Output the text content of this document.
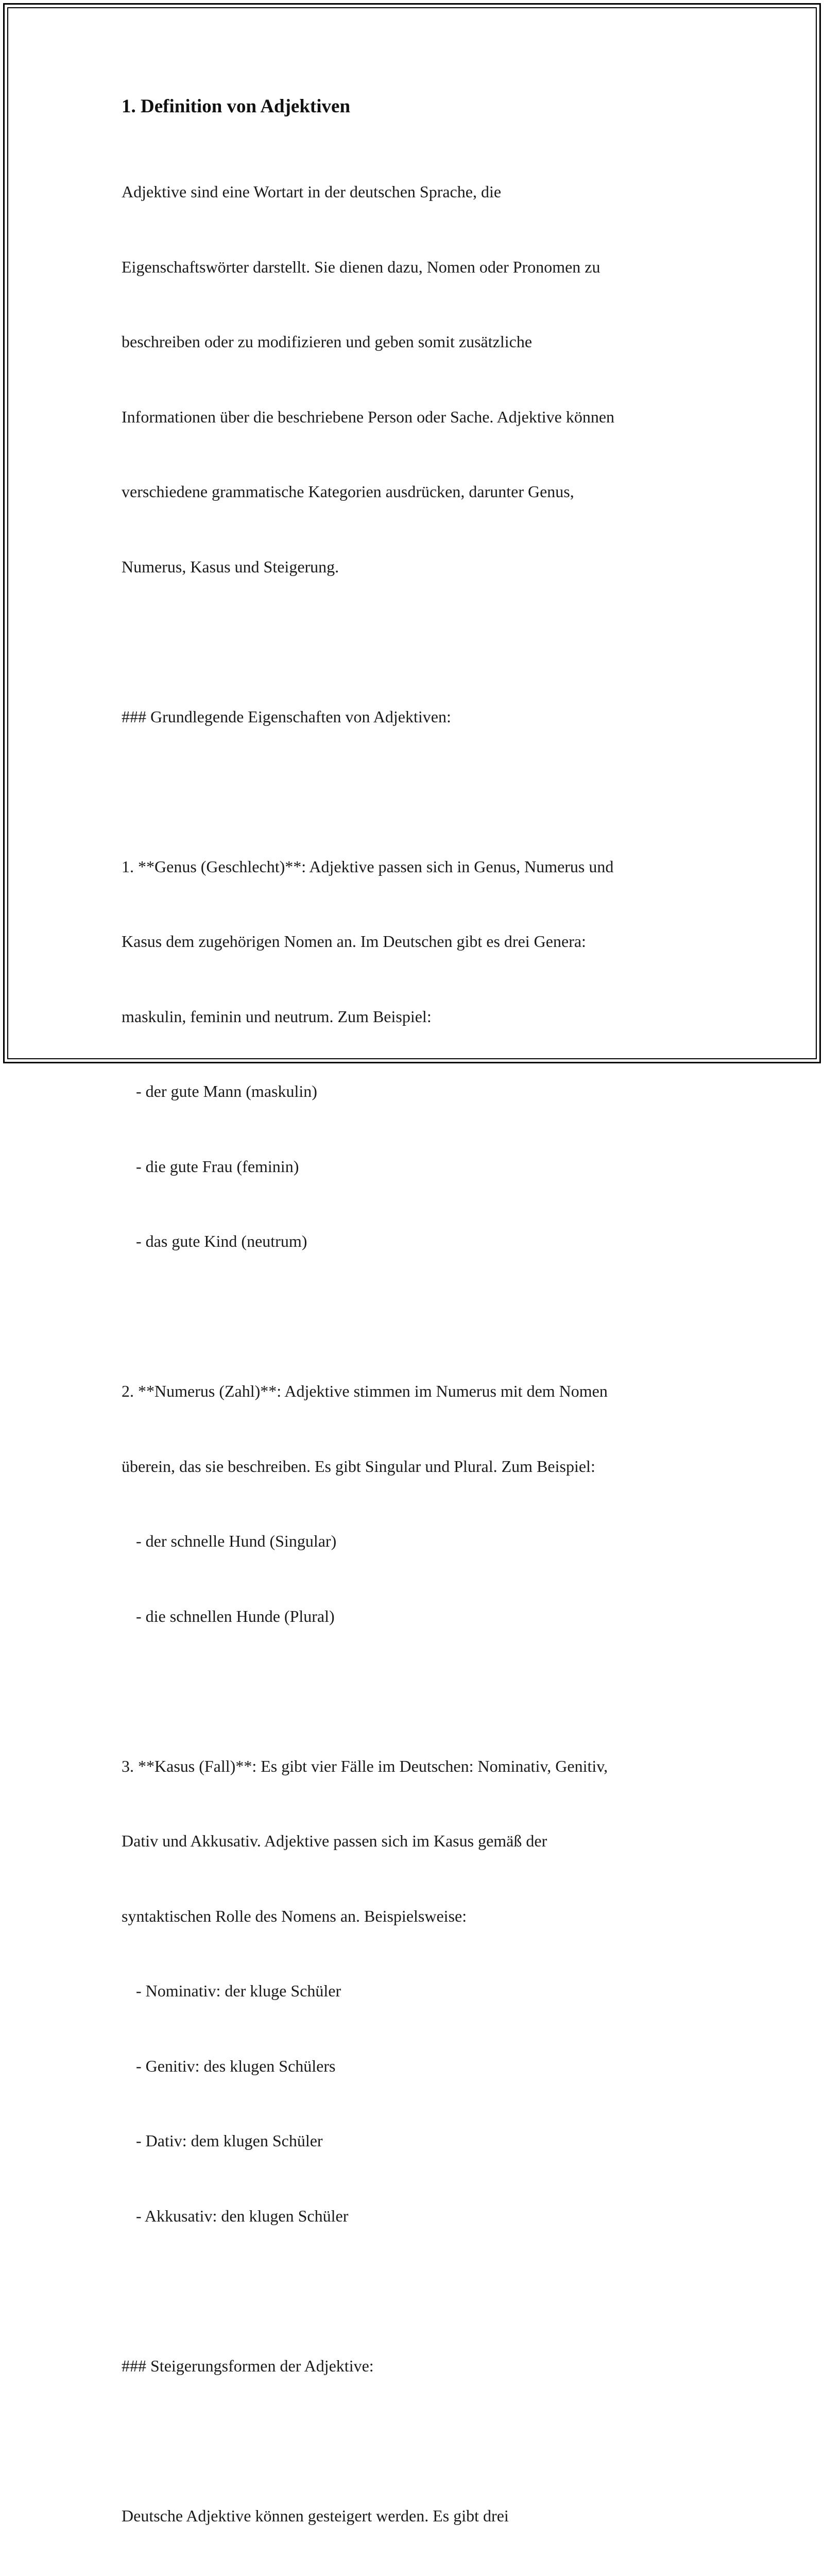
1. Definition von Adjektiven

Adjektive sind eine Wortart in der deutschen Sprache, die

Eigenschaftswörter darstellt. Sie dienen dazu, Nomen oder Pronomen zu

beschreiben oder zu modifizieren und geben somit zusätzliche

Informationen über die beschriebene Person oder Sache. Adjektive können

verschiedene grammatische Kategorien ausdrücken, darunter Genus,

Numerus, Kasus und Steigerung.

### Grundlegende Eigenschaften von Adjektiven:

1. **Genus (Geschlecht)**: Adjektive passen sich in Genus, Numerus und

Kasus dem zugehörigen Nomen an. Im Deutschen gibt es drei Genera:

maskulin, feminin und neutrum. Zum Beispiel:

- der gute Mann (maskulin)

- die gute Frau (feminin)

- das gute Kind (neutrum)

2. **Numerus (Zahl)**: Adjektive stimmen im Numerus mit dem Nomen

überein, das sie beschreiben. Es gibt Singular und Plural. Zum Beispiel:

- der schnelle Hund (Singular)

- die schnellen Hunde (Plural)

3. **Kasus (Fall)**: Es gibt vier Fälle im Deutschen: Nominativ, Genitiv,

Dativ und Akkusativ. Adjektive passen sich im Kasus gemäß der

syntaktischen Rolle des Nomens an. Beispielsweise:

- Nominativ: der kluge Schüler

- Genitiv: des klugen Schülers

- Dativ: dem klugen Schüler

- Akkusativ: den klugen Schüler

### Steigerungsformen der Adjektive:

Deutsche Adjektive können gesteigert werden. Es gibt drei
